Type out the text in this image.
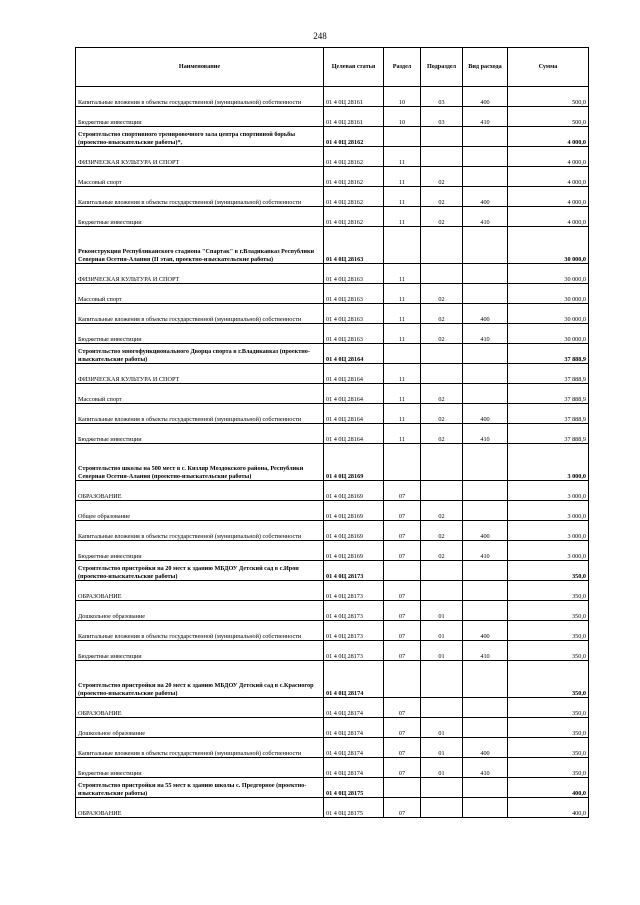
248
Наименование	Целевая статья	Раздел	Подраздел	Вид расхода	Сумма
Капитальные вложения в объекты государственной (муниципальной) собственности	01 4 0Ц 28161	10	03	400	500,0
Бюджетные инвестиции	01 4 0Ц 28161	10	03	410	500,0
Строительство спортивного тренировочного зала центра спортивной борьбы (проектно-изыскательские работы)*,	01 4 0Ц 28162				4 000,0
ФИЗИЧЕСКАЯ КУЛЬТУРА И СПОРТ	01 4 0Ц 28162	11			4 000,0
Массовый спорт	01 4 0Ц 28162	11	02		4 000,0
Капитальные вложения в объекты государственной (муниципальной) собственности	01 4 0Ц 28162	11	02	400	4 000,0
Бюджетные инвестиции	01 4 0Ц 28162	11	02	410	4 000,0
Реконструкция Республиканского стадиона "Спартак" в г.Владикавказ Республики Северная Осетия-Алания (II этап, проектно-изыскательские работы)	01 4 0Ц 28163				30 000,0
ФИЗИЧЕСКАЯ КУЛЬТУРА И СПОРТ	01 4 0Ц 28163	11			30 000,0
Массовый спорт	01 4 0Ц 28163	11	02		30 000,0
Капитальные вложения в объекты государственной (муниципальной) собственности	01 4 0Ц 28163	11	02	400	30 000,0
Бюджетные инвестиции	01 4 0Ц 28163	11	02	410	30 000,0
Строительство многофункционального Дворца спорта в г.Владикавказ (проектно-изыскательские работы)	01 4 0Ц 28164				37 888,9
ФИЗИЧЕСКАЯ КУЛЬТУРА И СПОРТ	01 4 0Ц 28164	11			37 888,9
Массовый спорт	01 4 0Ц 28164	11	02		37 888,9
Капитальные вложения в объекты государственной (муниципальной) собственности	01 4 0Ц 28164	11	02	400	37 888,9
Бюджетные инвестиции	01 4 0Ц 28164	11	02	410	37 888,9
Строительство школы на 500 мест в с. Кизляр Моздокского района, Республики Северная Осетия-Алания (проектно-изыскательские работы)	01 4 0Ц 28169				3 000,0
ОБРАЗОВАНИЕ	01 4 0Ц 28169	07			3 000,0
Общее образование	01 4 0Ц 28169	07	02		3 000,0
Капитальные вложения в объекты государственной (муниципальной) собственности	01 4 0Ц 28169	07	02	400	3 000,0
Бюджетные инвестиции	01 4 0Ц 28169	07	02	410	3 000,0
Строительство пристройки на 20 мест к зданию МБДОУ Детский сад в с.Ирон (проектно-изыскательские работы)	01 4 0Ц 28173				350,0
ОБРАЗОВАНИЕ	01 4 0Ц 28173	07			350,0
Дошкольное образование	01 4 0Ц 28173	07	01		350,0
Капитальные вложения в объекты государственной (муниципальной) собственности	01 4 0Ц 28173	07	01	400	350,0
Бюджетные инвестиции	01 4 0Ц 28173	07	01	410	350,0
Строительство пристройки на 20 мест к зданию МБДОУ Детский сад в с.Красногор (проектно-изыскательские работы)	01 4 0Ц 28174				350,0
ОБРАЗОВАНИЕ	01 4 0Ц 28174	07			350,0
Дошкольное образование	01 4 0Ц 28174	07	01		350,0
Капитальные вложения в объекты государственной (муниципальной) собственности	01 4 0Ц 28174	07	01	400	350,0
Бюджетные инвестиции	01 4 0Ц 28174	07	01	410	350,0
Строительство пристройки на 55 мест к зданию школы с. Предгорное (проектно-изыскательские работы)	01 4 0Ц 28175				400,0
ОБРАЗОВАНИЕ	01 4 0Ц 28175	07			400,0
